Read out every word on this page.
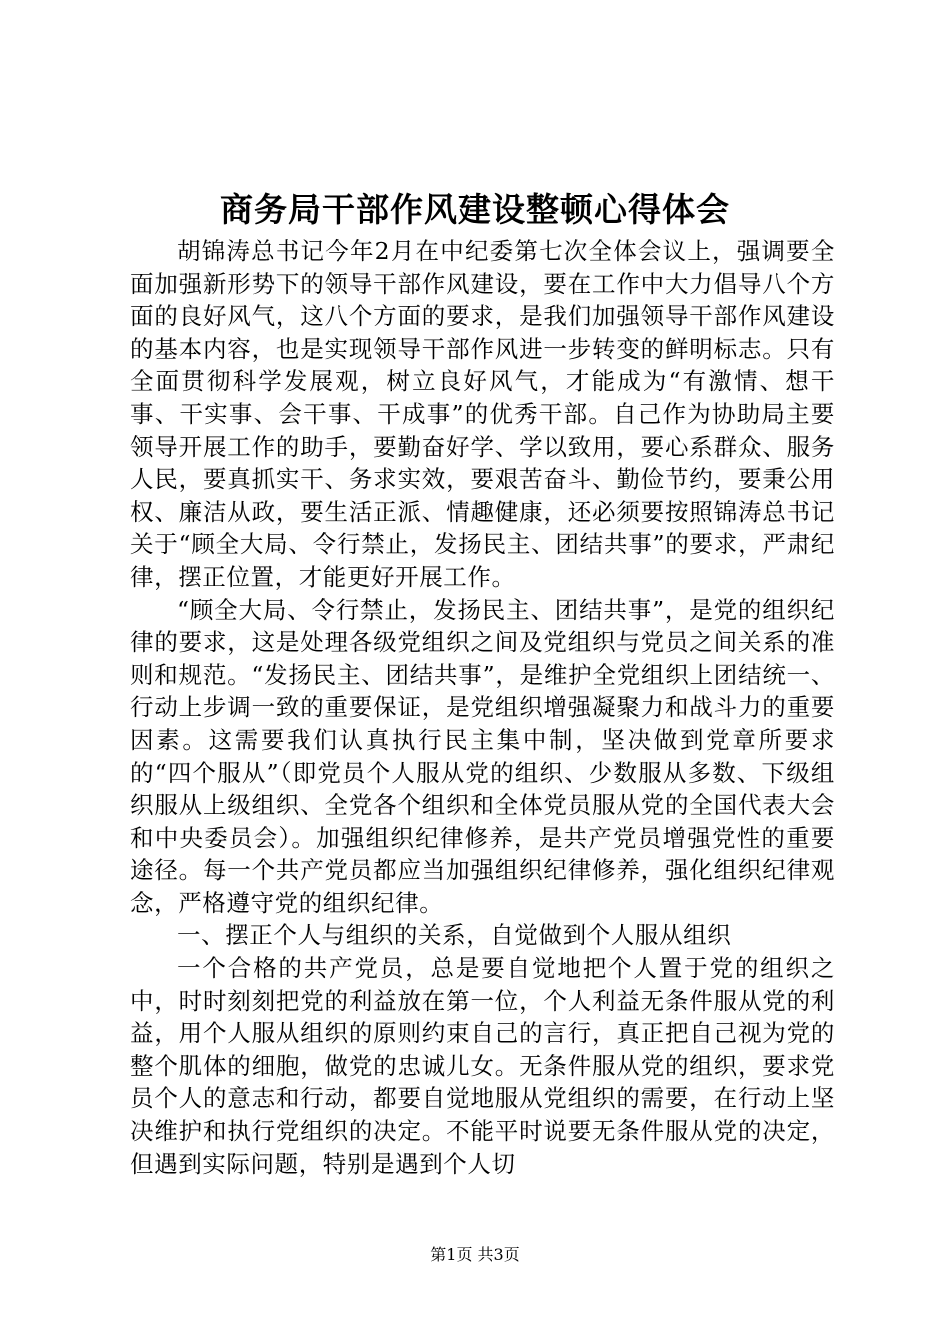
商务局干部作风建设整顿心得体会

胡锦涛总书记今年2月在中纪委第七次全体会议上，强调要全面加强新形势下的领导干部作风建设，要在工作中大力倡导八个方面的良好风气，这八个方面的要求，是我们加强领导干部作风建设的基本内容，也是实现领导干部作风进一步转变的鲜明标志。只有全面贯彻科学发展观，树立良好风气，才能成为“有激情、想干事、干实事、会干事、干成事”的优秀干部。自己作为协助局主要领导开展工作的助手，要勤奋好学、学以致用，要心系群众、服务人民，要真抓实干、务求实效，要艰苦奋斗、勤俭节约，要秉公用权、廉洁从政，要生活正派、情趣健康，还必须要按照锦涛总书记关于“顾全大局、令行禁止，发扬民主、团结共事”的要求，严肃纪律，摆正位置，才能更好开展工作。

“顾全大局、令行禁止，发扬民主、团结共事”，是党的组织纪律的要求，这是处理各级党组织之间及党组织与党员之间关系的准则和规范。“发扬民主、团结共事”，是维护全党组织上团结统一、行动上步调一致的重要保证，是党组织增强凝聚力和战斗力的重要因素。这需要我们认真执行民主集中制，坚决做到党章所要求的“四个服从”（即党员个人服从党的组织、少数服从多数、下级组织服从上级组织、全党各个组织和全体党员服从党的全国代表大会和中央委员会）。加强组织纪律修养，是共产党员增强党性的重要途径。每一个共产党员都应当加强组织纪律修养，强化组织纪律观念，严格遵守党的组织纪律。

一、摆正个人与组织的关系，自觉做到个人服从组织

一个合格的共产党员，总是要自觉地把个人置于党的组织之中，时时刻刻把党的利益放在第一位，个人利益无条件服从党的利益，用个人服从组织的原则约束自己的言行，真正把自己视为党的整个肌体的细胞，做党的忠诚儿女。无条件服从党的组织，要求党员个人的意志和行动，都要自觉地服从党组织的需要，在行动上坚决维护和执行党组织的决定。不能平时说要无条件服从党的决定，但遇到实际问题，特别是遇到个人切

第1页 共3页
